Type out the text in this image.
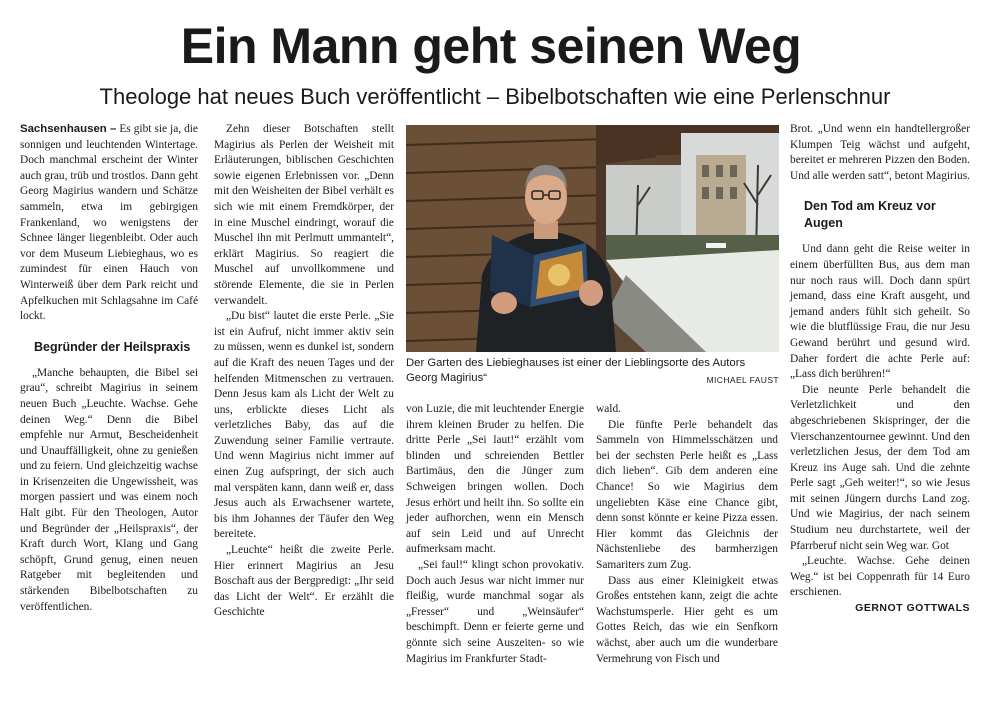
Ein Mann geht seinen Weg
Theologe hat neues Buch veröffentlicht – Bibelbotschaften wie eine Perlenschnur

Sachsenhausen – Es gibt sie ja, die sonnigen und leuchtenden Wintertage. Doch manchmal erscheint der Winter auch grau, trüb und trostlos. Dann geht Georg Magirius wandern und Schätze sammeln, etwa im gebirgigen Frankenland, wo wenigstens der Schnee länger liegenbleibt. Oder auch vor dem Museum Liebieghaus, wo es zumindest für einen Hauch von Winterweiß über dem Park reicht und Apfelkuchen mit Schlagsahne im Café lockt.

Begründer der Heilspraxis

„Manche behaupten, die Bibel sei grau“, schreibt Magirius in seinem neuen Buch „Leuchte. Wachse. Gehe deinen Weg.“ Denn die Bibel empfehle nur Armut, Bescheidenheit und Unauffälligkeit, ohne zu genießen und zu feiern. Und gleichzeitig wachse in Krisenzeiten die Ungewissheit, was morgen passiert und was einem noch Halt gibt. Für den Theologen, Autor und Begründer der „Heilspraxis“, der Kraft durch Wort, Klang und Gang schöpft, Grund genug, einen neuen Ratgeber mit begleitenden und stärkenden Bibelbotschaften zu veröffentlichen.

Zehn dieser Botschaften stellt Magirius als Perlen der Weisheit mit Erläuterungen, biblischen Geschichten sowie eigenen Erlebnissen vor. „Denn mit den Weisheiten der Bibel verhält es sich wie mit einem Fremdkörper, der in eine Muschel eindringt, worauf die Muschel ihn mit Perlmutt ummantelt“, erklärt Magirius. So reagiert die Muschel auf unvollkommene und störende Elemente, die sie in Perlen verwandelt.

„Du bist“ lautet die erste Perle. „Sie ist ein Aufruf, nicht immer aktiv sein zu müssen, wenn es dunkel ist, sondern auf die Kraft des neuen Tages und der helfenden Mitmenschen zu vertrauen. Denn Jesus kam als Licht der Welt zu uns, erblickte dieses Licht als verletzliches Baby, das auf die Zuwendung seiner Familie vertraute. Und wenn Magirius nicht immer auf einen Zug aufspringt, der sich auch mal verspäten kann, dann weiß er, dass Jesus auch als Erwachsener wartete, bis ihm Johannes der Täufer den Weg bereitete.

„Leuchte“ heißt die zweite Perle. Hier erinnert Magirius an Jesu Boschaft aus der Bergpredigt: „Ihr seid das Licht der Welt“. Er erzählt die Geschichte

Der Garten des Liebieghauses ist einer der Lieblingsorte des Autors Georg Magirius“	MICHAEL FAUST

von Luzie, die mit leuchtender Energie ihrem kleinen Bruder zu helfen. Die dritte Perle „Sei laut!“ erzählt vom blinden und schreienden Bettler Bartimäus, den die Jünger zum Schweigen bringen wollen. Doch Jesus erhört und heilt ihn. So sollte ein jeder aufhorchen, wenn ein Mensch auf sein Leid und auf Unrecht aufmerksam macht.

„Sei faul!“ klingt schon provokativ. Doch auch Jesus war nicht immer nur fleißig, wurde manchmal sogar als „Fresser“ und „Weinsäufer“ beschimpft. Denn er feierte gerne und gönnte sich seine Auszeiten- so wie Magirius im Frankfurter Stadt-

wald.

Die fünfte Perle behandelt das Sammeln von Himmelsschätzen und bei der sechsten Perle heißt es „Lass dich lieben“. Gib dem anderen eine Chance! So wie Magirius dem ungeliebten Käse eine Chance gibt, denn sonst könnte er keine Pizza essen. Hier kommt das Gleichnis der Nächstenliebe des barmherzigen Samariters zum Zug.

Dass aus einer Kleinigkeit etwas Großes entstehen kann, zeigt die achte Wachstumsperle. Hier geht es um Gottes Reich, das wie ein Senfkorn wächst, aber auch um die wunderbare Vermehrung von Fisch und

Brot. „Und wenn ein handtellergroßer Klumpen Teig wächst und aufgeht, bereitet er mehreren Pizzen den Boden. Und alle werden satt“, betont Magirius.

Den Tod am Kreuz vor Augen

Und dann geht die Reise weiter in einem überfüllten Bus, aus dem man nur noch raus will. Doch dann spürt jemand, dass eine Kraft ausgeht, und jemand anders fühlt sich geheilt. So wie die blutflüssige Frau, die nur Jesu Gewand berührt und gesund wird. Daher fordert die achte Perle auf: „Lass dich berühren!“

Die neunte Perle behandelt die Verletzlichkeit und den abgeschriebenen Skispringer, der die Vierschanzentournee gewinnt. Und den verletzlichen Jesus, der dem Tod am Kreuz ins Auge sah. Und die zehnte Perle sagt „Geh weiter!“, so wie Jesus mit seinen Jüngern durchs Land zog. Und wie Magirius, der nach seinem Studium neu durchstartete, weil der Pfarrberuf nicht sein Weg war. Got

„Leuchte. Wachse. Gehe deinen Weg.“ ist bei Coppenrath für 14 Euro erschienen.

GERNOT GOTTWALS
